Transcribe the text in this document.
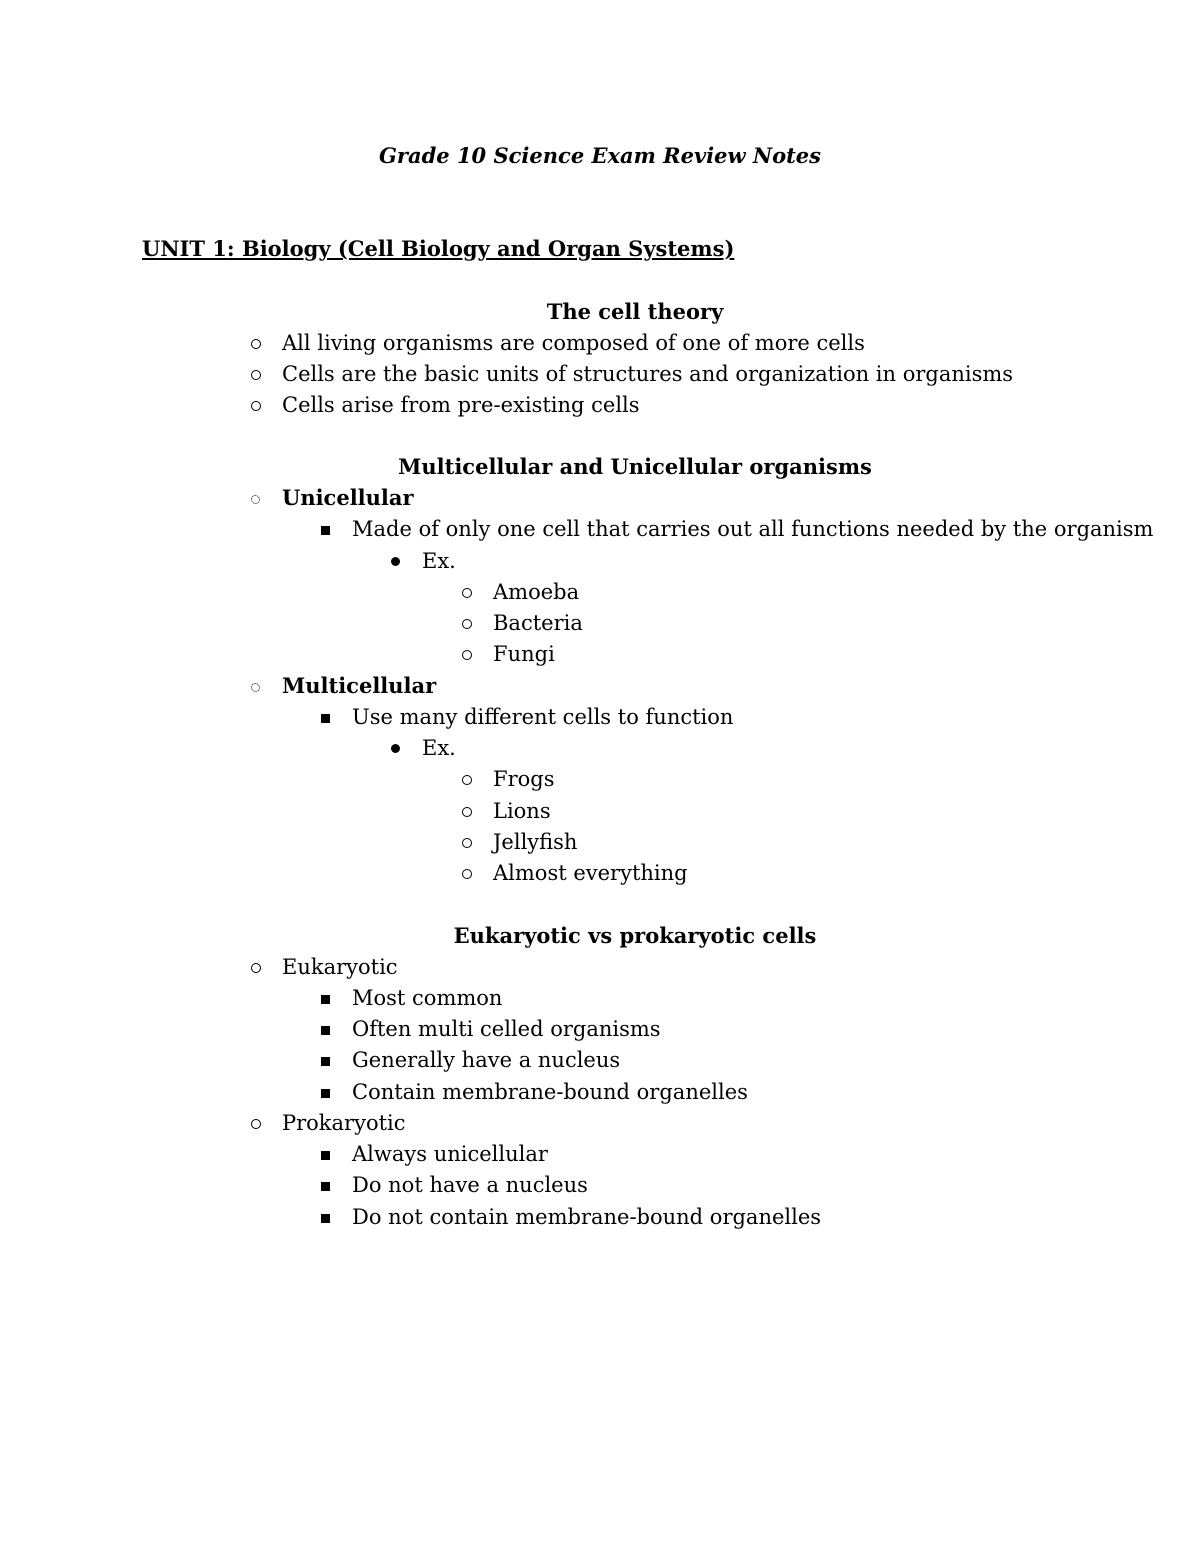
Grade 10 Science Exam Review Notes
UNIT 1: Biology (Cell Biology and Organ Systems)
The cell theory
All living organisms are composed of one of more cells
Cells are the basic units of structures and organization in organisms
Cells arise from pre-existing cells
Multicellular and Unicellular organisms
Unicellular
Made of only one cell that carries out all functions needed by the organism
Ex.
Amoeba
Bacteria
Fungi
Multicellular
Use many different cells to function
Ex.
Frogs
Lions
Jellyfish
Almost everything
Eukaryotic vs prokaryotic cells
Eukaryotic
Most common
Often multi celled organisms
Generally have a nucleus
Contain membrane-bound organelles
Prokaryotic
Always unicellular
Do not have a nucleus
Do not contain membrane-bound organelles
